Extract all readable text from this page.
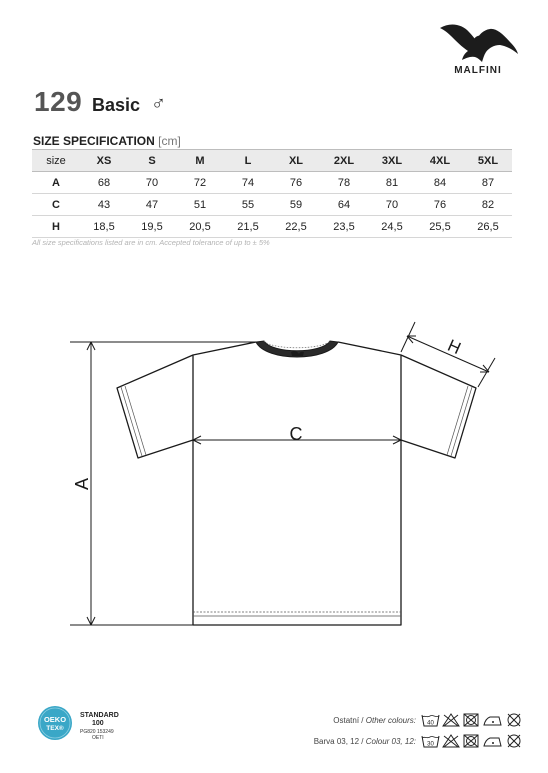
MALFINI
129 Basic ♂
SIZE SPECIFICATION [cm]
size	XS	S	M	L	XL	2XL	3XL	4XL	5XL
A	68	70	72	74	76	78	81	84	87
C	43	47	51	55	59	64	70	76	82
H	18,5	19,5	20,5	21,5	22,5	23,5	24,5	25,5	26,5
All size specifications listed are in cm. Accepted tolerance of up to ± 5%
A
C
H
OEKO
TEX®
STANDARD
100
PG820 153249
OETI
Ostatní / Other colours:
Barva 03, 12 / Colour 03, 12:
40
30
